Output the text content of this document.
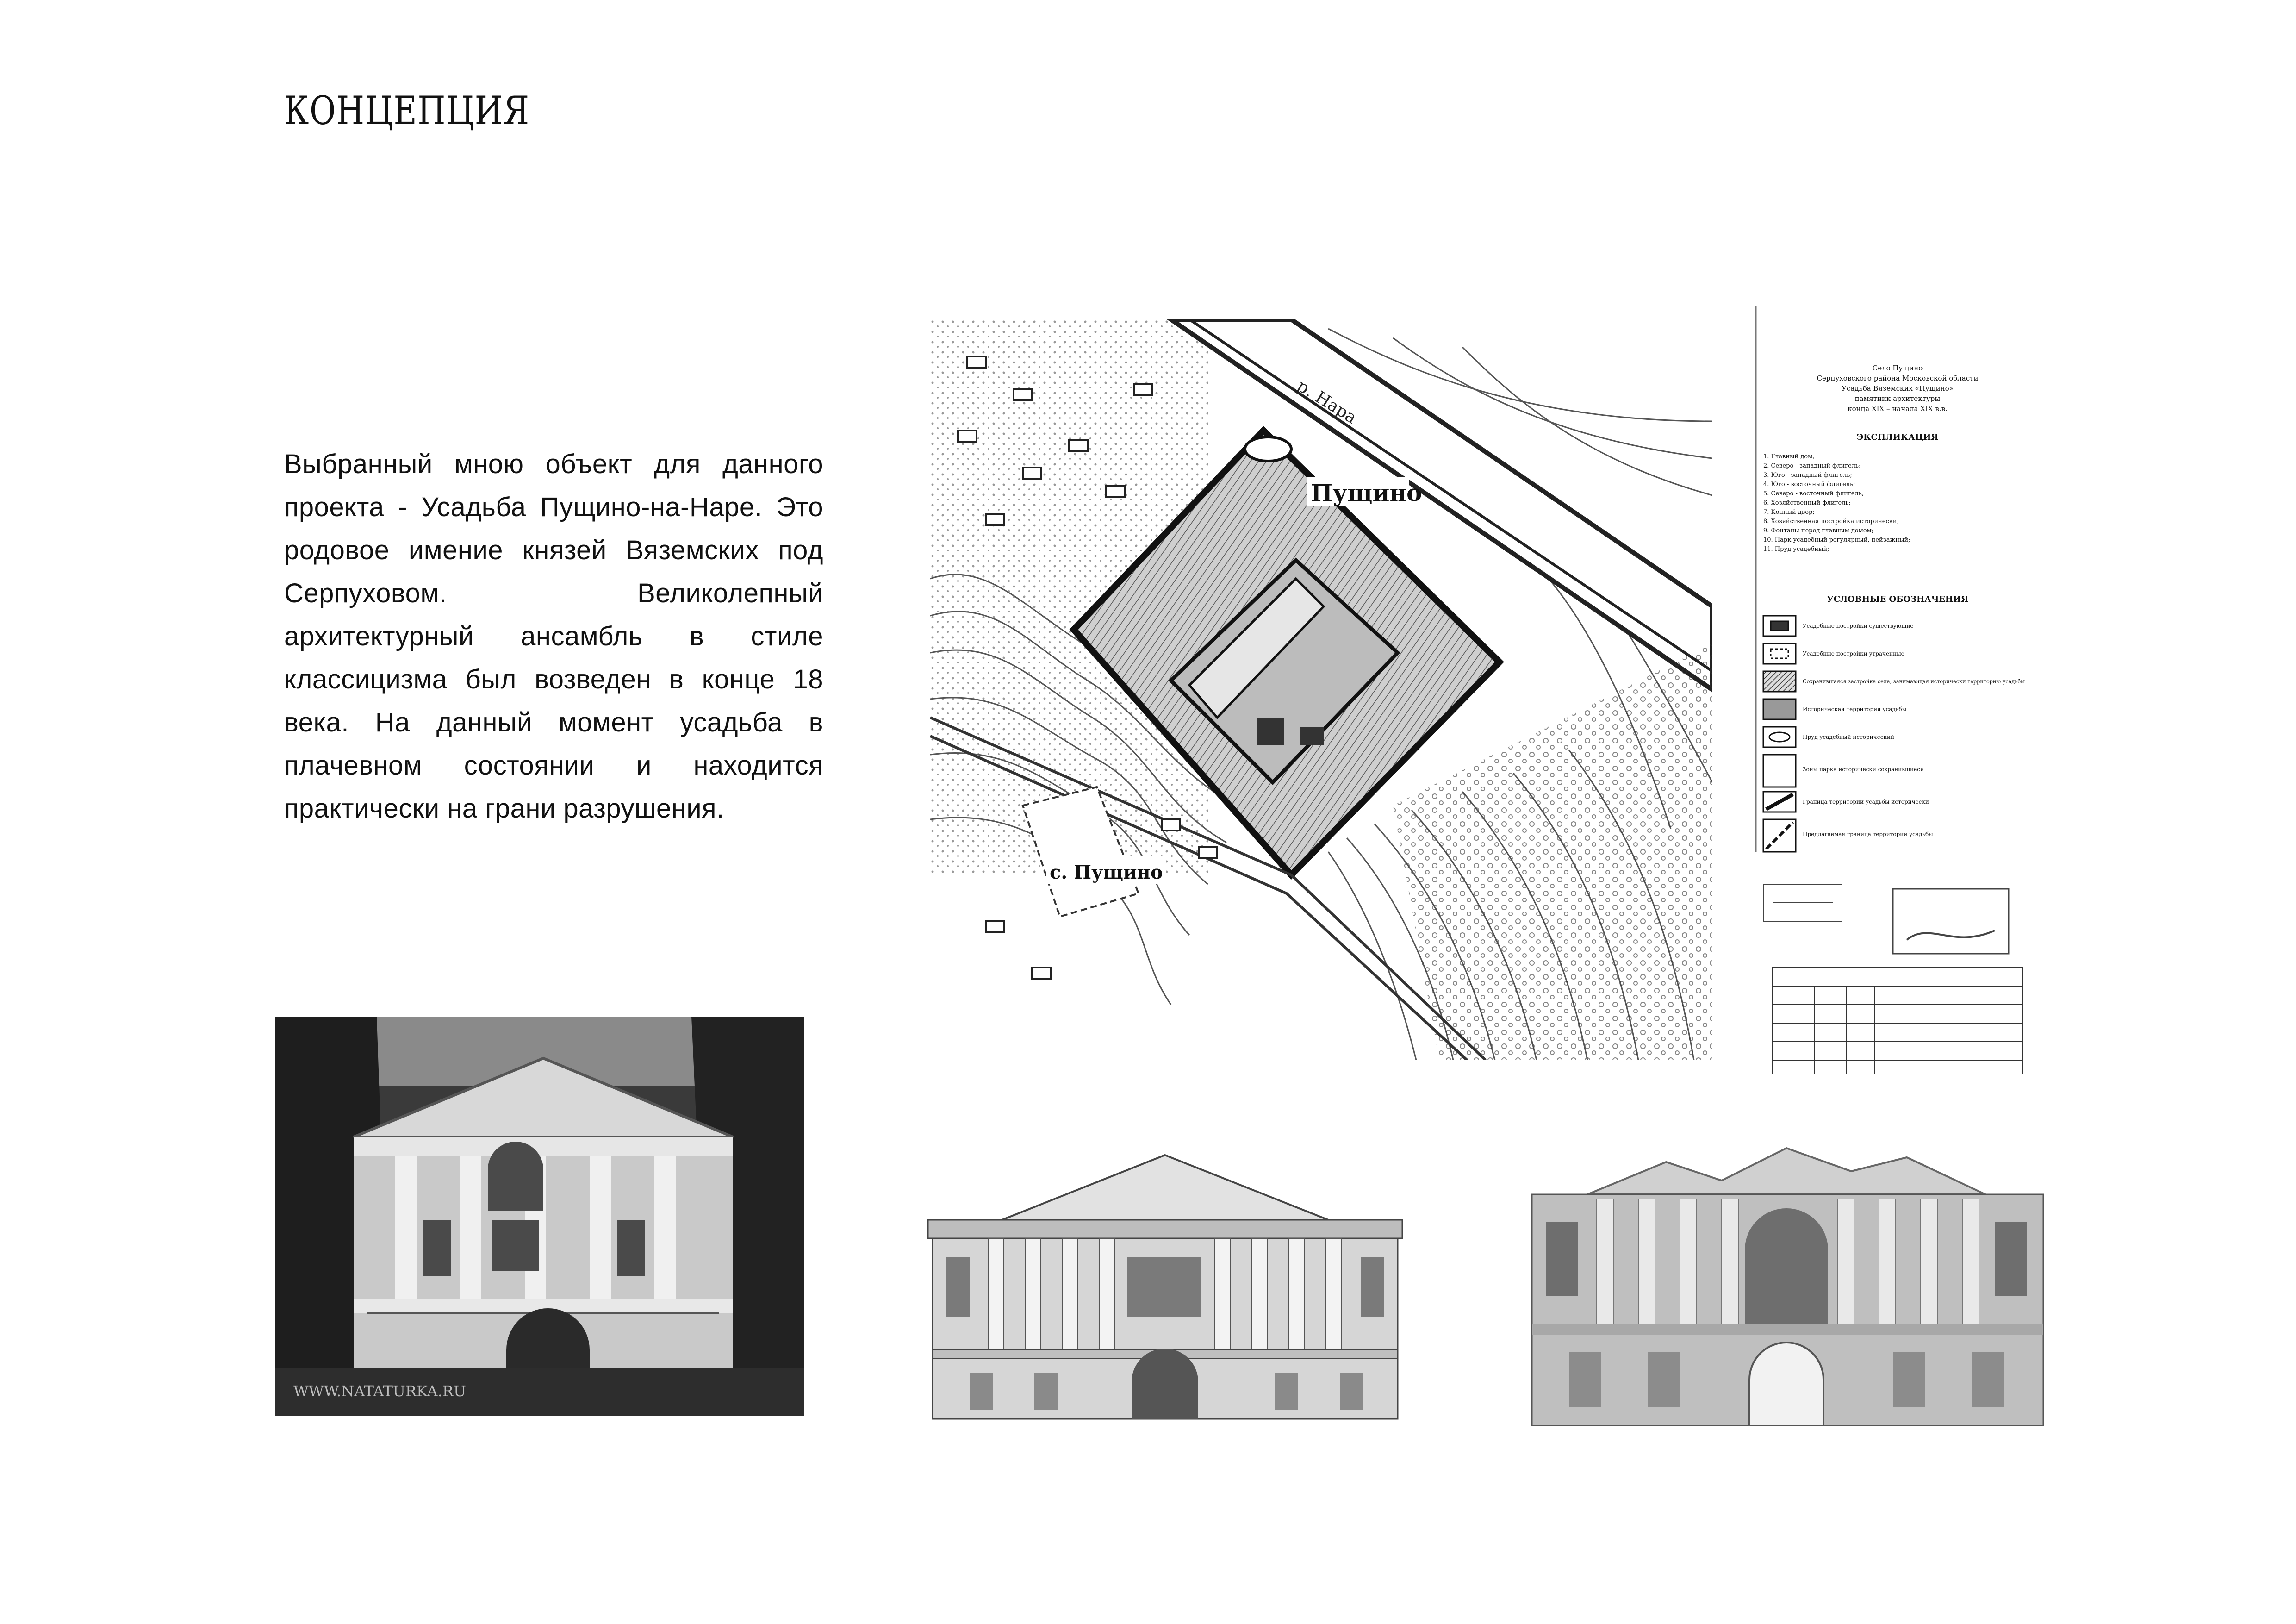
КОНЦЕПЦИЯ
Выбранный мною объект для данного проекта - Усадьба Пущино-на-Наре. Это родовое имение князей Вяземских под Серпуховом. Великолепный архитектурный ансамбль в стиле классицизма был возведен в конце 18 века. На данный момент усадьба в плачевном состоянии и находится практически на грани разрушения.
р. Нара
Пущино
с. Пущино
Село Пущино
Серпуховского района Московской области
Усадьба Вяземских «Пущино»
памятник архитектуры
конца XIX – начала XIX в.в.
ЭКСПЛИКАЦИЯ
1. Главный дом;
2. Северо - западный флигель;
3. Юго - западный флигель;
4. Юго - восточный флигель;
5. Северо - восточный флигель;
6. Хозяйственный флигель;
7. Конный двор;
8. Хозяйственная постройка исторически;
9. Фонтаны перед главным домом;
10. Парк усадебный регулярный, пейзажный;
11. Пруд усадебный;
УСЛОВНЫЕ ОБОЗНАЧЕНИЯ
Усадебные постройки существующие
Усадебные постройки утраченные
Сохранившаяся застройка села, занимающая исторически территорию усадьбы
Историческая территория усадьбы
Пруд усадебный исторический
Зоны парка исторически сохранившиеся
Граница территории усадьбы исторически
Предлагаемая граница территории усадьбы
WWW.NATATURKA.RU
